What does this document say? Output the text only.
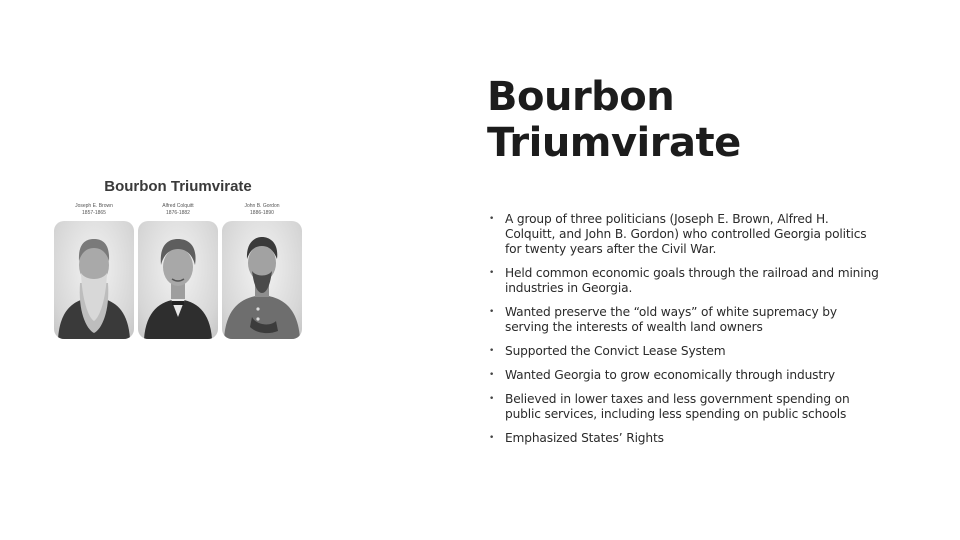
Bourbon Triumvirate
Joseph E. Brown
1857-1865
Alfred Colquitt
1876-1882
John B. Gordon
1886-1890
Bourbon
Triumvirate
• A group of three politicians (Joseph E. Brown, Alfred H. Colquitt, and John B. Gordon) who controlled Georgia politics for twenty years after the Civil War.
• Held common economic goals through the railroad and mining industries in Georgia.
• Wanted preserve the “old ways” of white supremacy by serving the interests of wealth land owners
• Supported the Convict Lease System
• Wanted Georgia to grow economically through industry
• Believed in lower taxes and less government spending on public services, including less spending on public schools
• Emphasized States’ Rights
